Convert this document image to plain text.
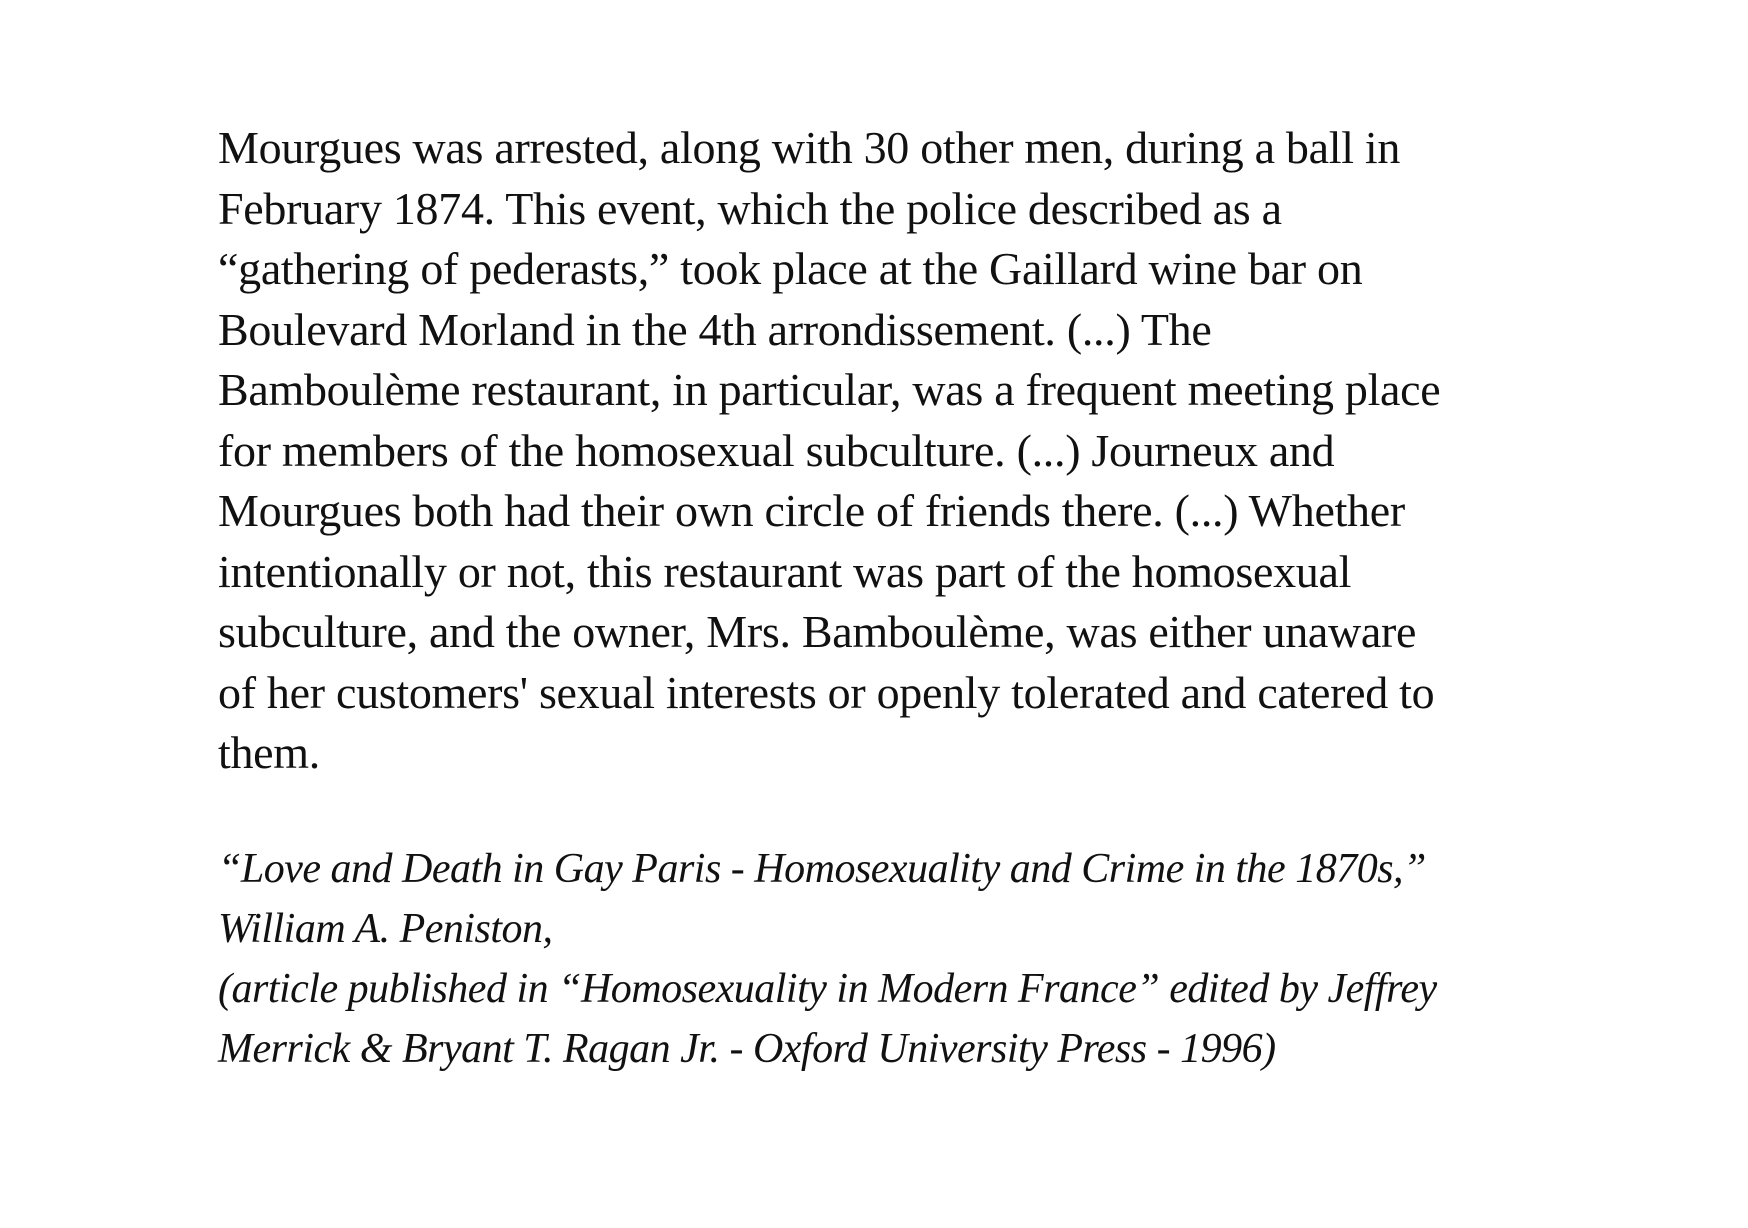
Mourgues was arrested, along with 30 other men, during a ball in
February 1874. This event, which the police described as a
“gathering of pederasts,” took place at the Gaillard wine bar on
Boulevard Morland in the 4th arrondissement. (...) The
Bamboulème restaurant, in particular, was a frequent meeting place
for members of the homosexual subculture. (...) Journeux and
Mourgues both had their own circle of friends there. (...) Whether
intentionally or not, this restaurant was part of the homosexual
subculture, and the owner, Mrs. Bamboulème, was either unaware
of her customers' sexual interests or openly tolerated and catered to
them.

“Love and Death in Gay Paris - Homosexuality and Crime in the 1870s,”
William A. Peniston,
(article published in “Homosexuality in Modern France” edited by Jeffrey
Merrick & Bryant T. Ragan Jr. - Oxford University Press - 1996)
